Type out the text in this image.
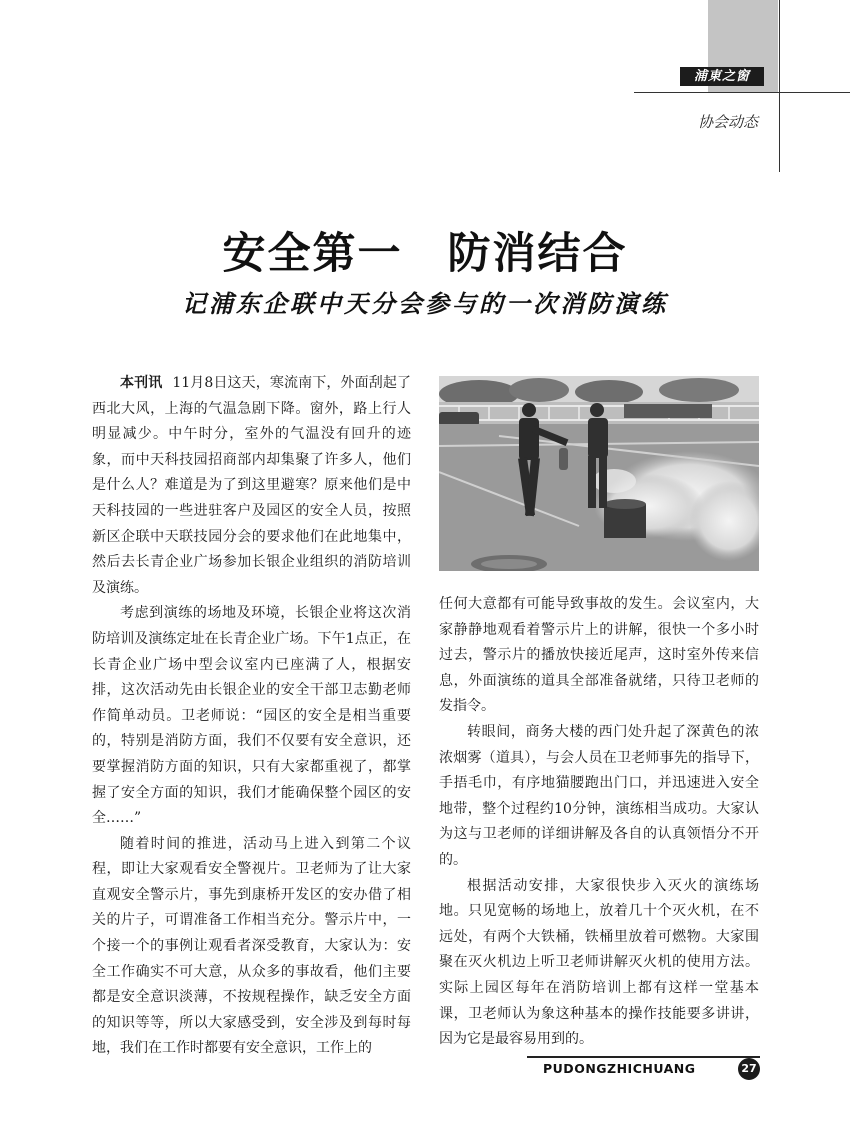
浦東之窗
协会动态
安全第一　防消结合
记浦东企联中天分会参与的一次消防演练

本刊讯 11月8日这天，寒流南下，外面刮起了西北大风，上海的气温急剧下降。窗外，路上行人明显减少。中午时分，室外的气温没有回升的迹象，而中天科技园招商部内却集聚了许多人，他们是什么人？难道是为了到这里避寒？原来他们是中天科技园的一些进驻客户及园区的安全人员，按照新区企联中天联技园分会的要求他们在此地集中，然后去长青企业广场参加长银企业组织的消防培训及演练。

考虑到演练的场地及环境，长银企业将这次消防培训及演练定址在长青企业广场。下午1点正，在长青企业广场中型会议室内已座满了人，根据安排，这次活动先由长银企业的安全干部卫志勤老师作简单动员。卫老师说：“园区的安全是相当重要的，特别是消防方面，我们不仅要有安全意识，还要掌握消防方面的知识，只有大家都重视了，都掌握了安全方面的知识，我们才能确保整个园区的安全……”

随着时间的推进，活动马上进入到第二个议程，即让大家观看安全警视片。卫老师为了让大家直观安全警示片，事先到康桥开发区的安办借了相关的片子，可谓准备工作相当充分。警示片中，一个接一个的事例让观看者深受教育，大家认为：安全工作确实不可大意，从众多的事故看，他们主要都是安全意识淡薄，不按规程操作，缺乏安全方面的知识等等，所以大家感受到，安全涉及到每时每地，我们在工作时都要有安全意识，工作上的

任何大意都有可能导致事故的发生。会议室内，大家静静地观看着警示片上的讲解，很快一个多小时过去，警示片的播放快接近尾声，这时室外传来信息，外面演练的道具全部准备就绪，只待卫老师的发指令。

转眼间，商务大楼的西门处升起了深黄色的浓浓烟雾（道具），与会人员在卫老师事先的指导下，手捂毛巾，有序地猫腰跑出门口，并迅速进入安全地带，整个过程约10分钟，演练相当成功。大家认为这与卫老师的详细讲解及各自的认真领悟分不开的。

根据活动安排，大家很快步入灭火的演练场地。只见宽畅的场地上，放着几十个灭火机，在不远处，有两个大铁桶，铁桶里放着可燃物。大家围聚在灭火机边上听卫老师讲解灭火机的使用方法。实际上园区每年在消防培训上都有这样一堂基本课，卫老师认为象这种基本的操作技能要多讲讲，因为它是最容易用到的。

PUDONGZHICHUANG	27
